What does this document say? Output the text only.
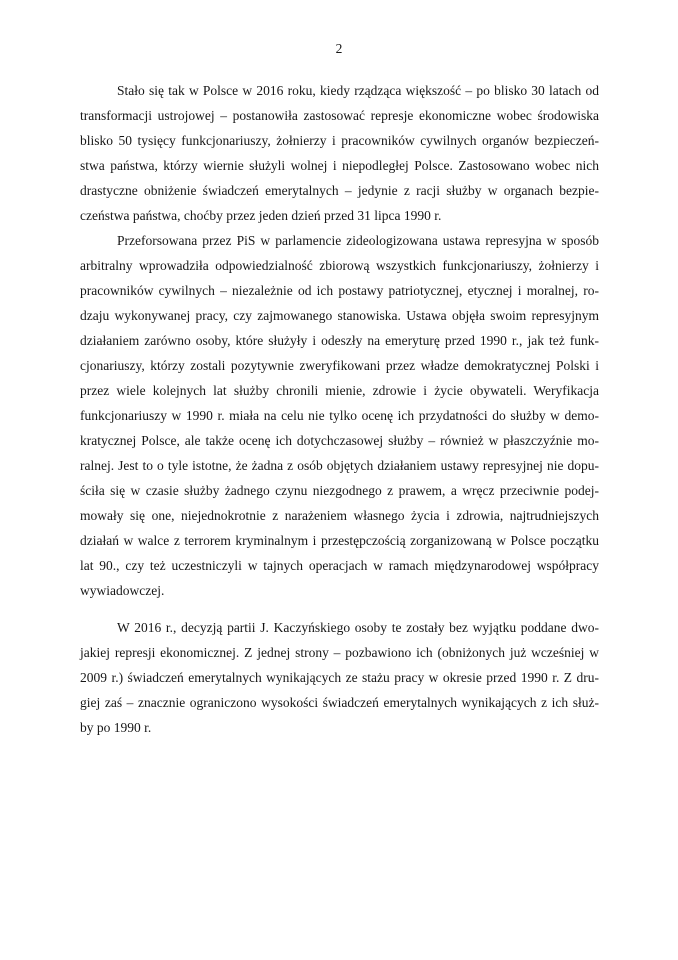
2
Stało się tak w Polsce w 2016 roku, kiedy rządząca większość – po blisko 30 latach od
transformacji ustrojowej – postanowiła zastosować represje ekonomiczne wobec środowiska
blisko 50 tysięcy funkcjonariuszy, żołnierzy i pracowników cywilnych organów bezpieczeń-
stwa państwa, którzy wiernie służyli wolnej i niepodległej Polsce. Zastosowano wobec nich
drastyczne obniżenie świadczeń emerytalnych – jedynie z racji służby w organach bezpie-
czeństwa państwa, choćby przez jeden dzień przed 31 lipca 1990 r.
Przeforsowana przez PiS w parlamencie zideologizowana ustawa represyjna w sposób
arbitralny wprowadziła odpowiedzialność zbiorową wszystkich funkcjonariuszy, żołnierzy i
pracowników cywilnych – niezależnie od ich postawy patriotycznej, etycznej i moralnej, ro-
dzaju wykonywanej pracy, czy zajmowanego stanowiska. Ustawa objęła swoim represyjnym
działaniem zarówno osoby, które służyły i odeszły na emeryturę przed 1990 r., jak też funk-
cjonariuszy, którzy zostali pozytywnie zweryfikowani przez władze demokratycznej Polski i
przez wiele kolejnych lat służby chronili mienie, zdrowie i życie obywateli. Weryfikacja
funkcjonariuszy w 1990 r. miała na celu nie tylko ocenę ich przydatności do służby w demo-
kratycznej Polsce, ale także ocenę ich dotychczasowej służby – również w płaszczyźnie mo-
ralnej. Jest to o tyle istotne, że żadna z osób objętych działaniem ustawy represyjnej nie dopu-
ściła się w czasie służby żadnego czynu niezgodnego z prawem, a wręcz przeciwnie podej-
mowały się one, niejednokrotnie z narażeniem własnego życia i zdrowia, najtrudniejszych
działań w walce z terrorem kryminalnym i przestępczością zorganizowaną w Polsce początku
lat 90., czy też uczestniczyli w tajnych operacjach w ramach międzynarodowej współpracy
wywiadowczej.
W 2016 r., decyzją partii J. Kaczyńskiego osoby te zostały bez wyjątku poddane dwo-
jakiej represji ekonomicznej. Z jednej strony – pozbawiono ich (obniżonych już wcześniej w
2009 r.) świadczeń emerytalnych wynikających ze stażu pracy w okresie przed 1990 r. Z dru-
giej zaś – znacznie ograniczono wysokości świadczeń emerytalnych wynikających z ich służ-
by po 1990 r.
